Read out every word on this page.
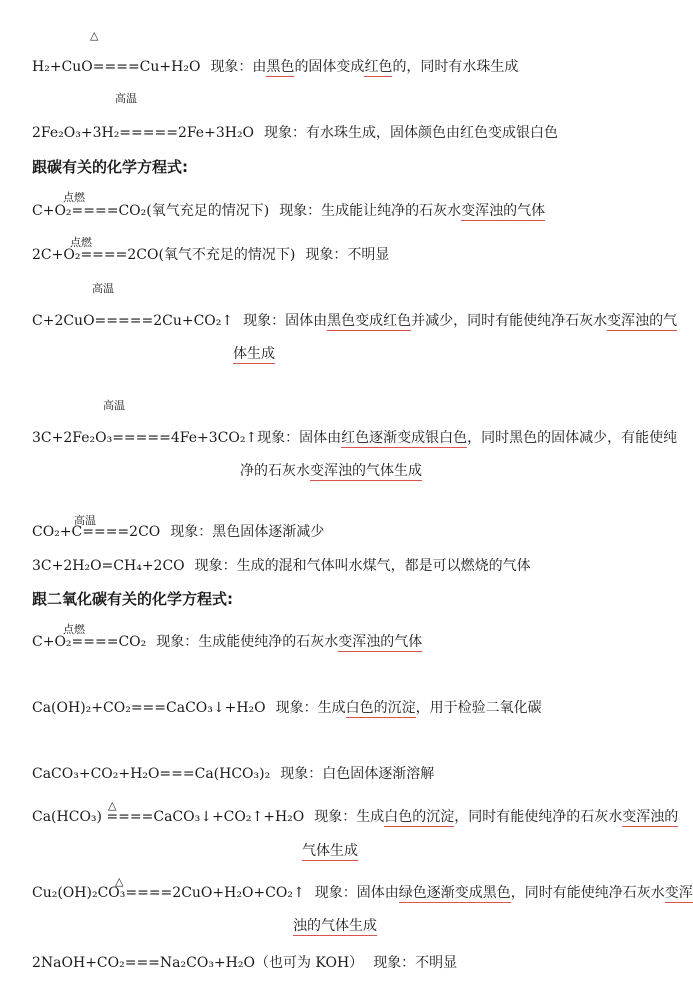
△
H₂+CuO====Cu+H₂O 现象：由黑色的固体变成红色的，同时有水珠生成
高温
2Fe₂O₃+3H₂=====2Fe+3H₂O 现象：有水珠生成，固体颜色由红色变成银白色
跟碳有关的化学方程式:
点燃
C+O₂====CO₂(氧气充足的情况下) 现象：生成能让纯净的石灰水变浑浊的气体
点燃
2C+O₂====2CO(氧气不充足的情况下) 现象：不明显
高温
C+2CuO=====2Cu+CO₂↑ 现象：固体由黑色变成红色并减少，同时有能使纯净石灰水变浑浊的气
体生成
高温
3C+2Fe₂O₃=====4Fe+3CO₂↑现象：固体由红色逐渐变成银白色，同时黑色的固体减少，有能使纯
净的石灰水变浑浊的气体生成
高温
CO₂+C====2CO 现象：黑色固体逐渐减少
3C+2H₂O=CH₄+2CO 现象：生成的混和气体叫水煤气，都是可以燃烧的气体
跟二氧化碳有关的化学方程式:
点燃
C+O₂====CO₂ 现象：生成能使纯净的石灰水变浑浊的气体
Ca(OH)₂+CO₂===CaCO₃↓+H₂O 现象：生成白色的沉淀，用于检验二氧化碳
CaCO₃+CO₂+H₂O===Ca(HCO₃)₂ 现象：白色固体逐渐溶解
△
Ca(HCO₃) ====CaCO₃↓+CO₂↑+H₂O 现象：生成白色的沉淀，同时有能使纯净的石灰水变浑浊的
气体生成
△
Cu₂(OH)₂CO₃====2CuO+H₂O+CO₂↑ 现象：固体由绿色逐渐变成黑色，同时有能使纯净石灰水变浑
浊的气体生成
2NaOH+CO₂===Na₂CO₃+H₂O（也可为 KOH） 现象：不明显
